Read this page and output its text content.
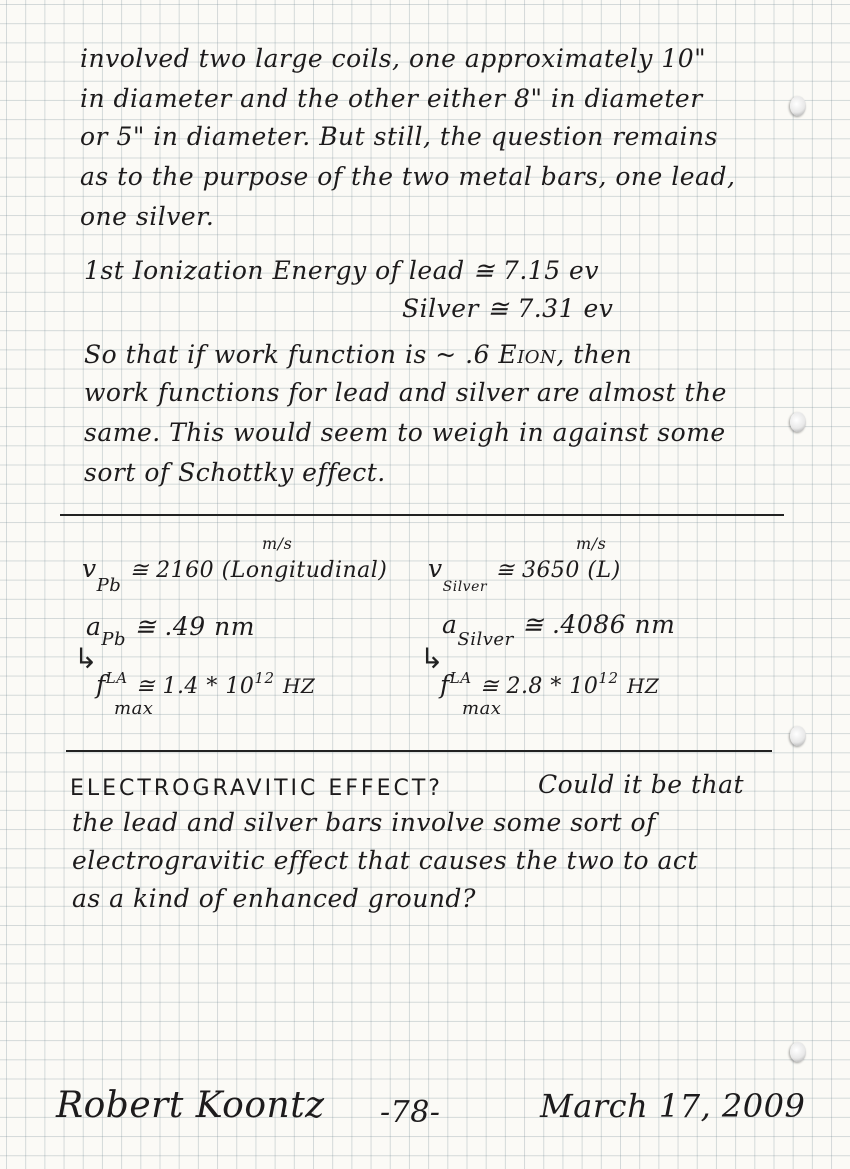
involved two large coils, one approximately 10"
in diameter and the other either 8" in diameter
or 5" in diameter. But still, the question remains
as to the purpose of the two metal bars, one lead,
one silver.
1st Ionization Energy of lead ≅ 7.15 ev
Silver ≅ 7.31 ev
So that if work function is ~ .6 EION, then
work functions for lead and silver are almost the
same. This would seem to weigh in against some
sort of Schottky effect.
m/s
$v_{Pb}$ ≅ 2160 (Longitudinal)
$a_{Pb}$ ≅ .49 nm
↳
$f^{LA}$ ≅ $1.4 * 10^{12}$ HZ
max
m/s
$v_{Silver}$ ≅ 3650 (L)
$a_{Silver}$ ≅ .4086 nm
↳
$f^{LA}$ ≅ $2.8 * 10^{12}$ HZ
max
ELECTROGRAVITIC EFFECT?	Could it be that
the lead and silver bars involve some sort of
electrogravitic effect that causes the two to act
as a kind of enhanced ground?
Robert Koontz -78-	March 17, 2009
